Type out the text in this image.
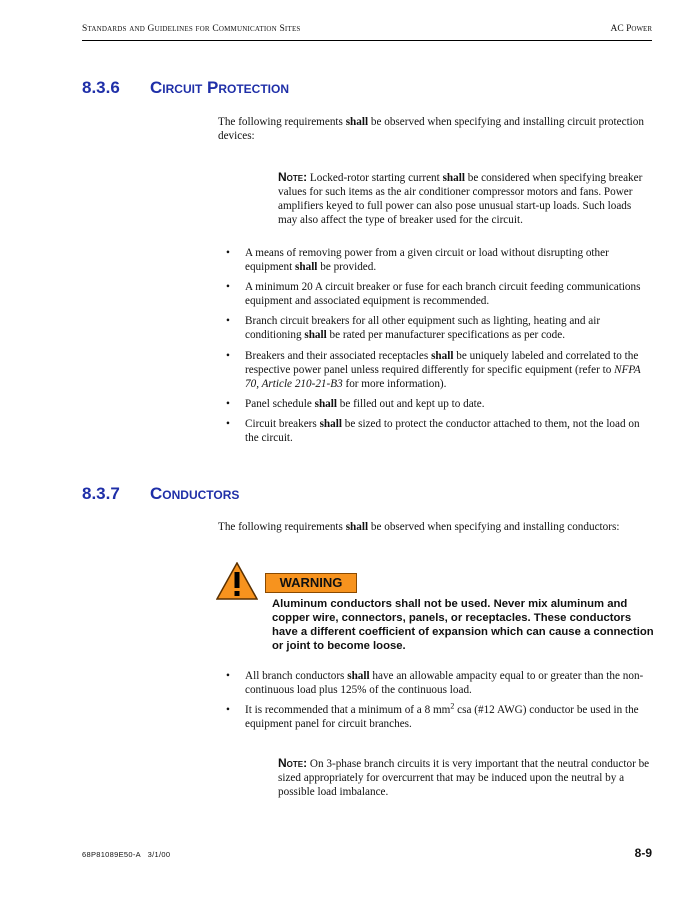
Standards and Guidelines for Communication Sites	AC Power
8.3.6 Circuit Protection
The following requirements shall be observed when specifying and installing circuit protection devices:
Note: Locked-rotor starting current shall be considered when specifying breaker values for such items as the air conditioner compressor motors and fans. Power amplifiers keyed to full power can also pose unusual start-up loads. Such loads may also affect the type of breaker used for the circuit.
• A means of removing power from a given circuit or load without disrupting other equipment shall be provided.
• A minimum 20 A circuit breaker or fuse for each branch circuit feeding communications equipment and associated equipment is recommended.
• Branch circuit breakers for all other equipment such as lighting, heating and air conditioning shall be rated per manufacturer specifications as per code.
• Breakers and their associated receptacles shall be uniquely labeled and correlated to the respective power panel unless required differently for specific equipment (refer to NFPA 70, Article 210-21-B3 for more information).
• Panel schedule shall be filled out and kept up to date.
• Circuit breakers shall be sized to protect the conductor attached to them, not the load on the circuit.
8.3.7 Conductors
The following requirements shall be observed when specifying and installing conductors:
WARNING
Aluminum conductors shall not be used. Never mix aluminum and copper wire, connectors, panels, or receptacles. These conductors have a different coefficient of expansion which can cause a connection or joint to become loose.
• All branch conductors shall have an allowable ampacity equal to or greater than the non-continuous load plus 125% of the continuous load.
• It is recommended that a minimum of a 8 $mm^2$ csa (#12 AWG) conductor be used in the equipment panel for circuit branches.
Note: On 3-phase branch circuits it is very important that the neutral conductor be sized appropriately for overcurrent that may be induced upon the neutral by a possible load imbalance.
68P81089E50-A   3/1/00	8-9
